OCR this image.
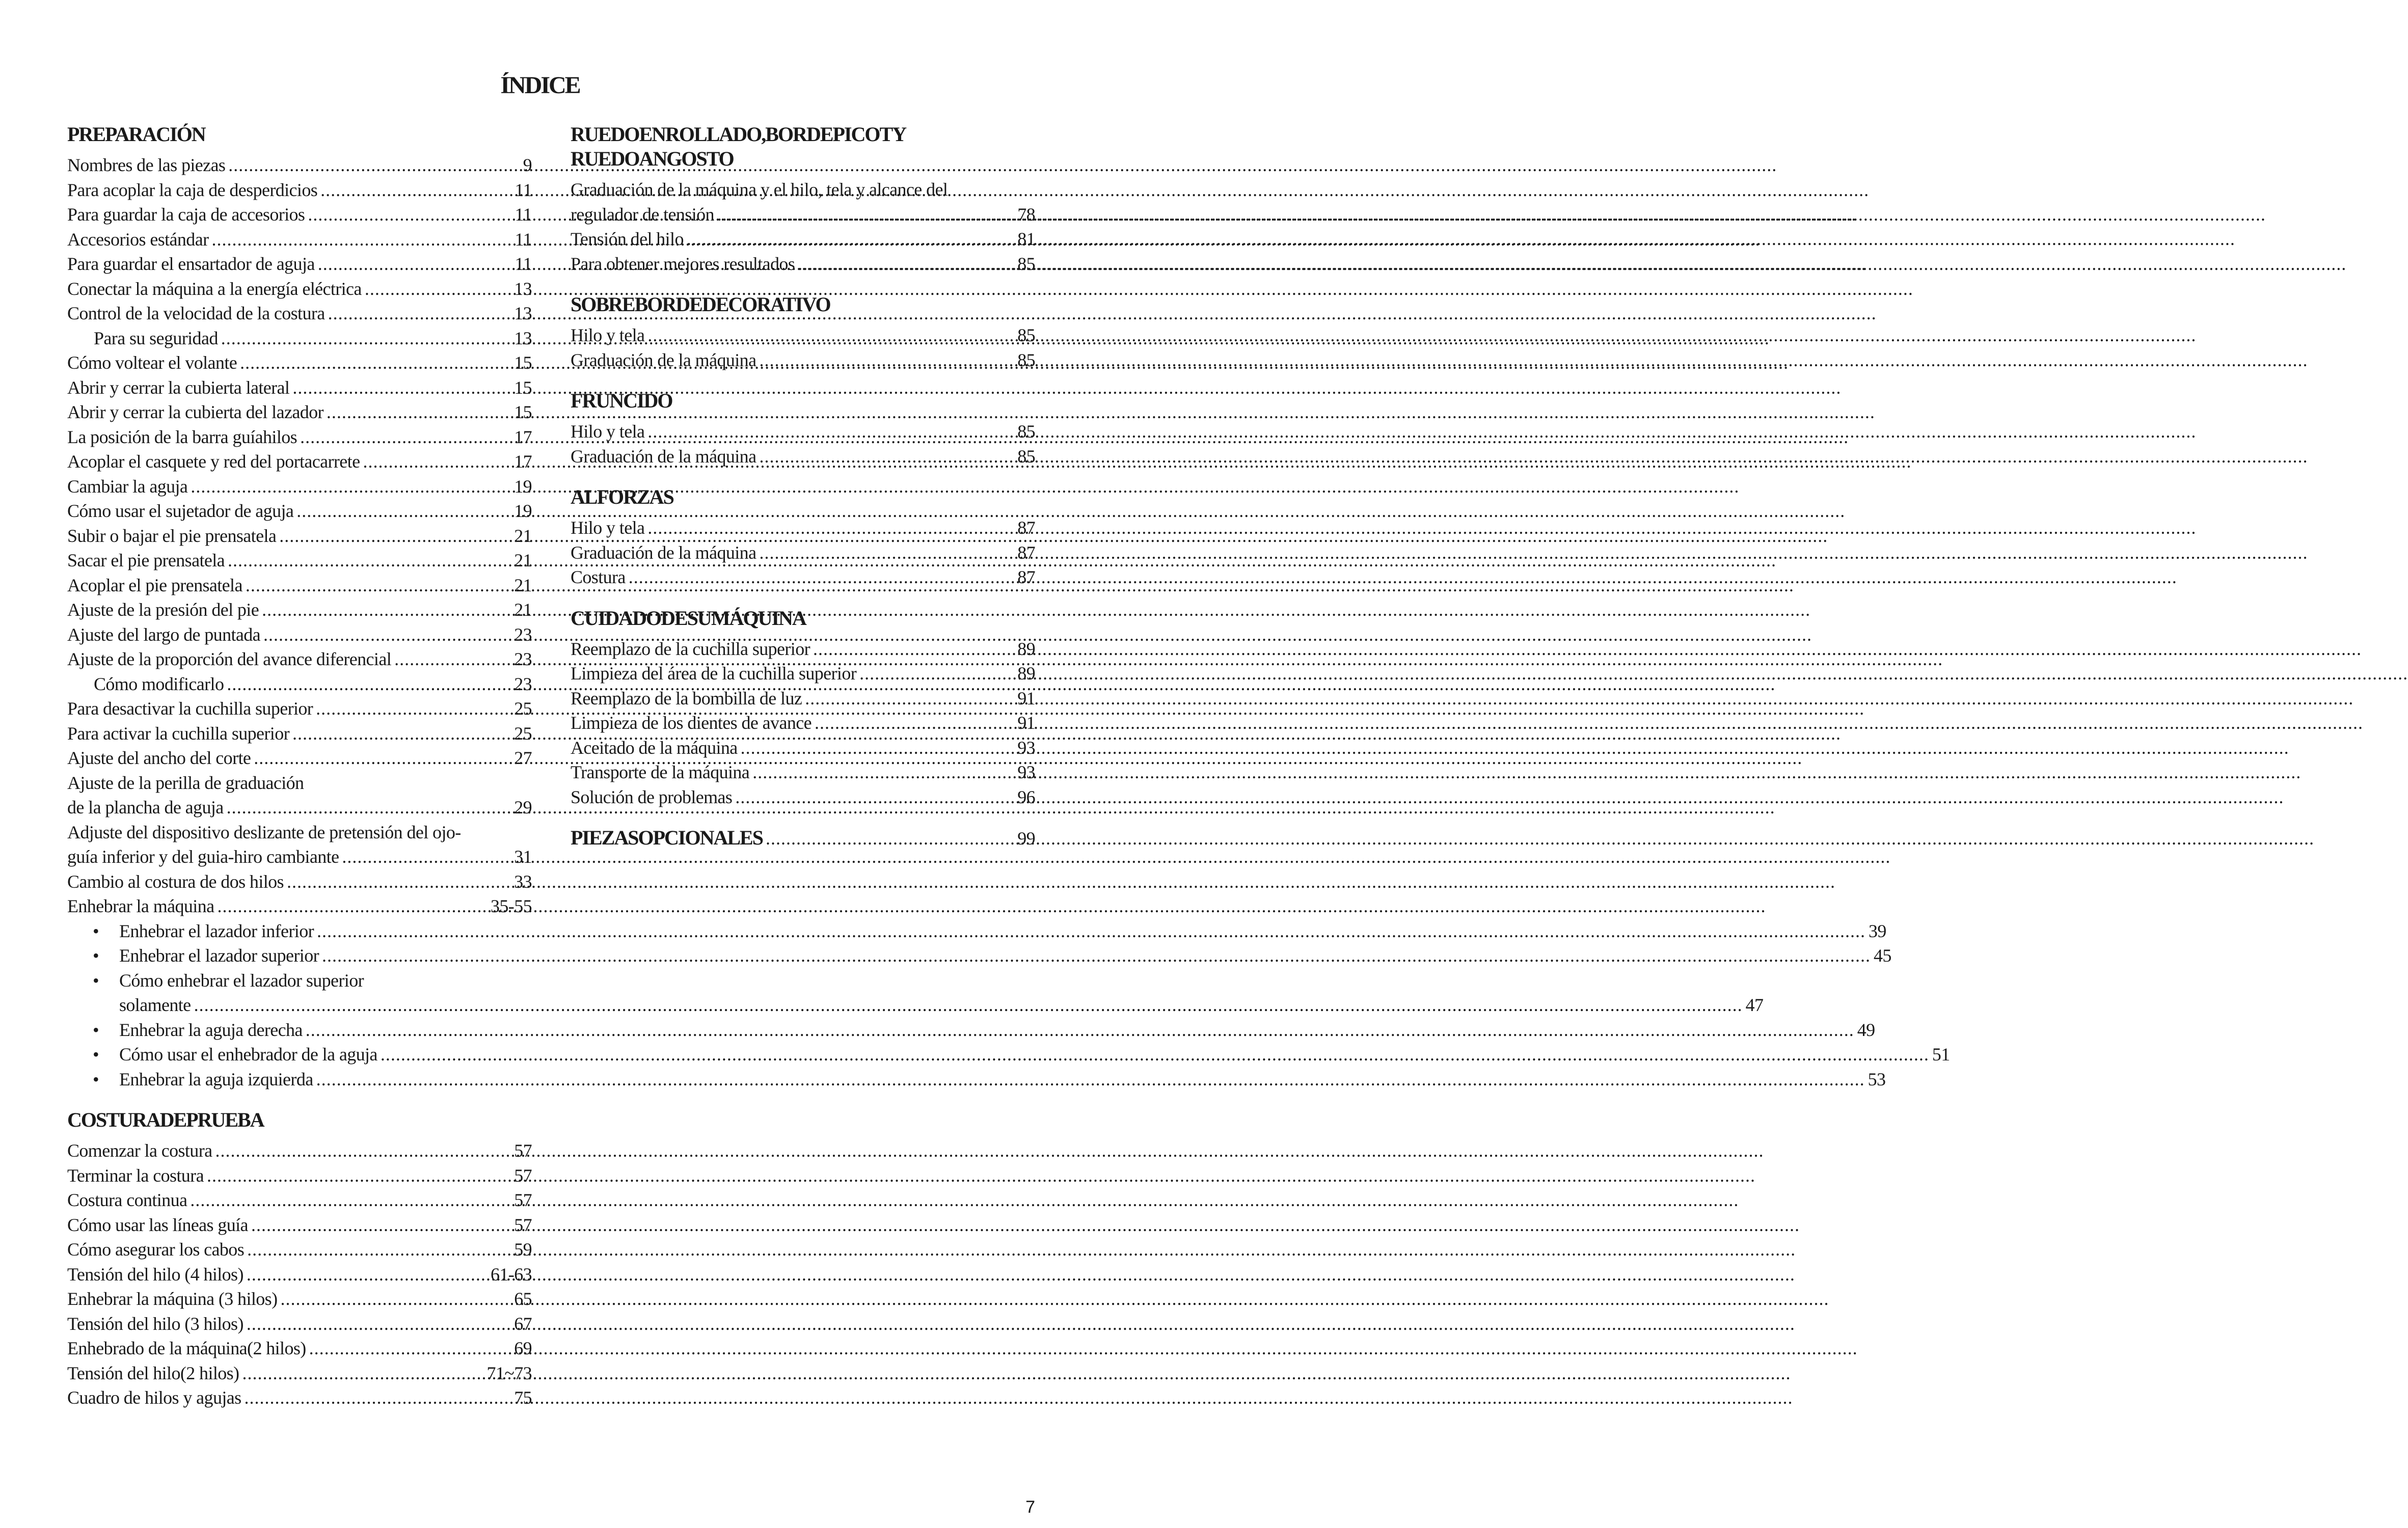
ÍNDICE
PREPARACIÓN
Nombres de las piezas .....	9
Para acoplar la caja de desperdicios .....	11
Para guardar la caja de accesorios .....	11
Accesorios estándar .....	11
Para guardar el ensartador de aguja .....	11
Conectar la máquina a la energía eléctrica .....	13
Control de la velocidad de la costura .....	13
Para su seguridad .....	13
Cómo voltear el volante .....	15
Abrir y cerrar la cubierta lateral .....	15
Abrir y cerrar la cubierta del lazador .....	15
La posición de la barra guíahilos .....	17
Acoplar el casquete y red del portacarrete .....	17
Cambiar la aguja .....	19
Cómo usar el sujetador de aguja .....	19
Subir o bajar el pie prensatela .....	21
Sacar el pie prensatela .....	21
Acoplar el pie prensatela .....	21
Ajuste de la presión del pie .....	21
Ajuste del largo de puntada .....	23
Ajuste de la proporción del avance diferencial .....	23
Cómo modificarlo .....	23
Para desactivar la cuchilla superior .....	25
Para activar la cuchilla superior .....	25
Ajuste del ancho del corte .....	27
Ajuste de la perilla de graduación
de la plancha de aguja .....	29
Adjuste del dispositivo deslizante de pretensión del ojo-
guía inferior y del guia-hiro cambiante .....	31
Cambio al costura de dos hilos .....	33
Enhebrar la máquina .....	35-55
•	Enhebrar el lazador inferior .....	39
•	Enhebrar el lazador superior .....	45
•	Cómo enhebrar el lazador superior
solamente .....	47
•	Enhebrar la aguja derecha .....	49
•	Cómo usar el enhebrador de la aguja .....	51
•	Enhebrar la aguja izquierda .....	53
COSTURADEPRUEBA
Comenzar la costura .....	57
Terminar la costura .....	57
Costura continua .....	57
Cómo usar las líneas guía .....	57
Cómo asegurar los cabos .....	59
Tensión del hilo (4 hilos) .....	61-63
Enhebrar la máquina (3 hilos) .....	65
Tensión del hilo (3 hilos) .....	67
Enhebrado de la máquina(2 hilos) .....	69
Tensión del hilo(2 hilos) .....	71~73
Cuadro de hilos y agujas .....	75
RUEDOENROLLADO,BORDEPICOTY
RUEDOANGOSTO
Graduación de la máquina y el hilo, tela y alcance del
regulador de tensión .....	78
Tensión del hilo .....	81
Para obtener mejores resultados .....	85
SOBREBORDEDECORATIVO
Hilo y tela .....	85
Graduación de la máquina .....	85
FRUNCIDO
Hilo y tela .....	85
Graduación de la máquina .....	85
ALFORZAS
Hilo y tela .....	87
Graduación de la máquina .....	87
Costura .....	87
CUIDADODESUMÁQUINA
Reemplazo de la cuchilla superior .....	89
Limpieza del área de la cuchilla superior .....	89
Reemplazo de la bombilla de luz .....	91
Limpieza de los dientes de avance .....	91
Aceitado de la máquina .....	93
Transporte de la máquina .....	93
Solución de problemas .....	96
PIEZASOPCIONALES .....	99
7
